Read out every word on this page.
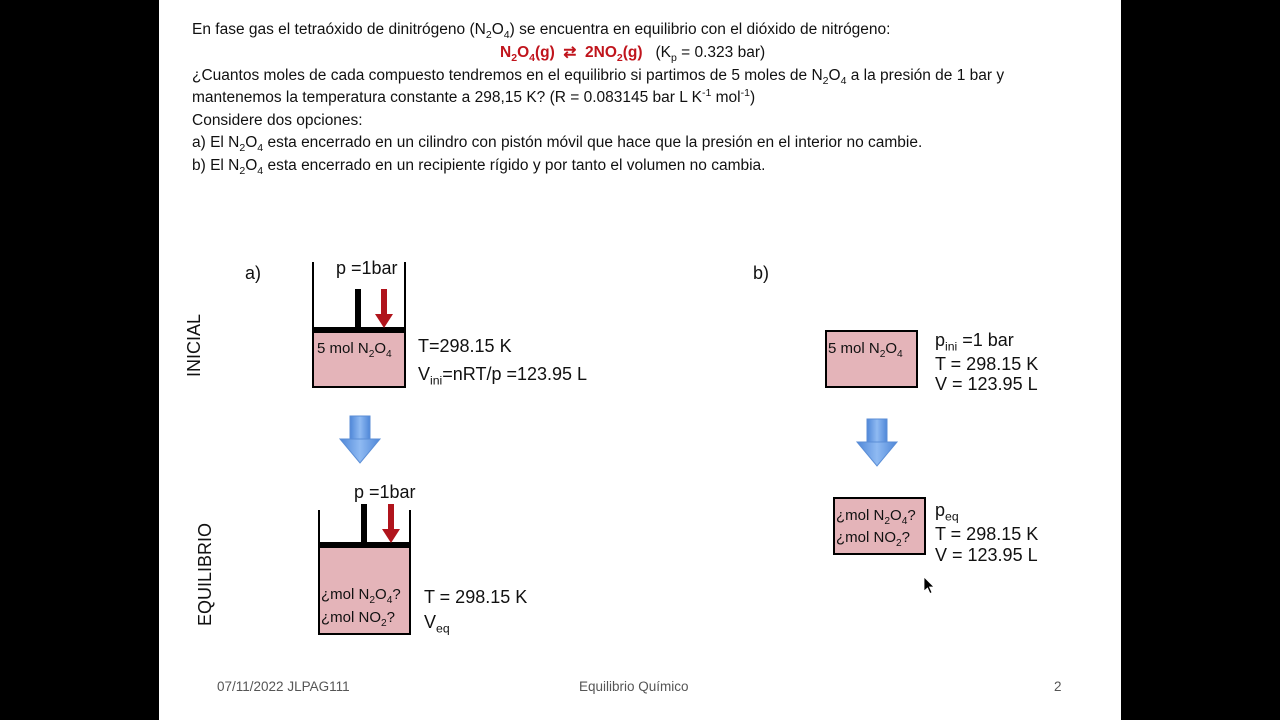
En fase gas el tetraóxido de dinitrógeno $(N_2O_4)$ se encuentra en equilibrio con el dióxido de nitrógeno:
$N_2O_4(g)$ ⇄ $2NO_2(g) (K_p = 0.323$ bar)
¿Cuantos moles de cada compuesto tendremos en el equilibrio si partimos de 5 moles de $N_2O_4$ a la presión de 1 bar y
mantenemos la temperatura constante a 298,15 K? (R = 0.083145 bar L $K^{-1}$ mol$^{-1}$)
Considere dos opciones:
a) El $N_2O_4$ esta encerrado en un cilindro con pistón móvil que hace que la presión en el interior no cambie.
b) El $N_2O_4$ esta encerrado en un recipiente rígido y por tanto el volumen no cambia.
a)	b)
INICIAL
EQUILIBRIO
p =1bar
5 mol $N_2O_4$ T=298.15 K
$V_{ini}=nRT/p =123.95$ L
p =1bar
¿mol $N_2O_4$?
¿mol $NO_2$?
T = 298.15 K
$V_{eq}$
5 mol $N_2O_4$
$p_{ini} =1$ bar
T = 298.15 K
V = 123.95 L
¿mol $N_2O_4$?
¿mol $NO_2$?
$p_{eq}$
T = 298.15 K
V = 123.95 L
07/11/2022 JLPAG111	Equilibrio Químico	2
